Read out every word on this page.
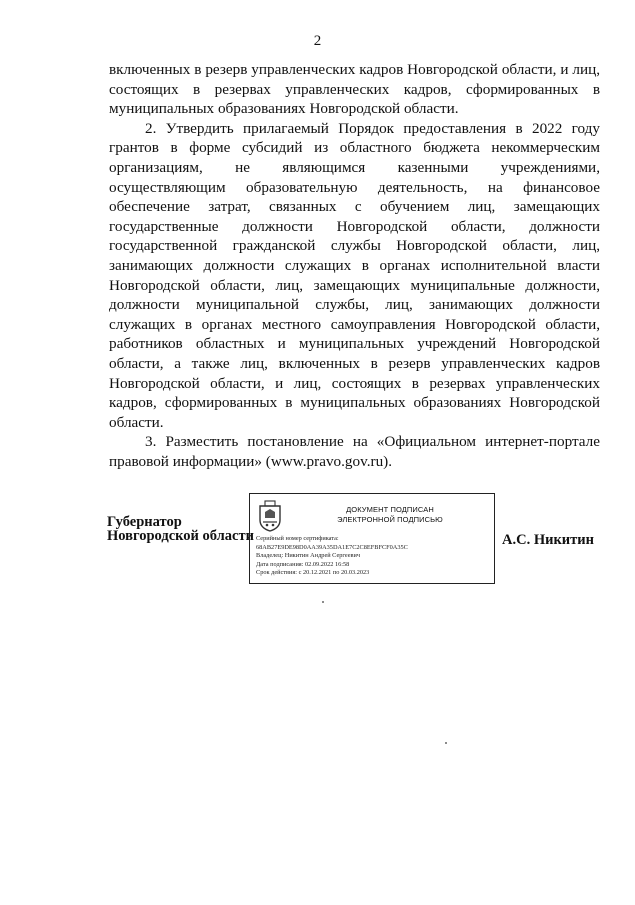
2

включенных в резерв управленческих кадров Новгородской области, и лиц, состоящих в резервах управленческих кадров, сформированных в муниципальных образованиях Новгородской области.

2. Утвердить прилагаемый Порядок предоставления в 2022 году грантов в форме субсидий из областного бюджета некоммерческим организациям, не являющимся казенными учреждениями, осуществляющим образовательную деятельность, на финансовое обеспечение затрат, связанных с обучением лиц, замещающих государственные должности Новгородской области, должности государственной гражданской службы Новгородской области, лиц, занимающих должности служащих в органах исполнительной власти Новгородской области, лиц, замещающих муниципальные должности, должности муниципальной службы, лиц, занимающих должности служащих в органах местного самоуправления Новгородской области, работников областных и муниципальных учреждений Новгородской области, а также лиц, включенных в резерв управленческих кадров Новгородской области, и лиц, состоящих в резервах управленческих кадров, сформированных в муниципальных образованиях Новгородской области.

3. Разместить постановление на «Официальном интернет-портале правовой информации» (www.pravo.gov.ru).

Губернатор
Новгородской области
ДОКУМЕНТ ПОДПИСАН
ЭЛЕКТРОННОЙ ПОДПИСЬЮ
Серийный номер сертификата:
68AB27E9DE98D0AA39A35DA1E7C2C8EFBFCF0A35C
Владелец: Никитин Андрей Сергеевич
Дата подписания: 02.09.2022 16:58
Срок действия: с 20.12.2021 по 20.03.2023
А.С. Никитин
